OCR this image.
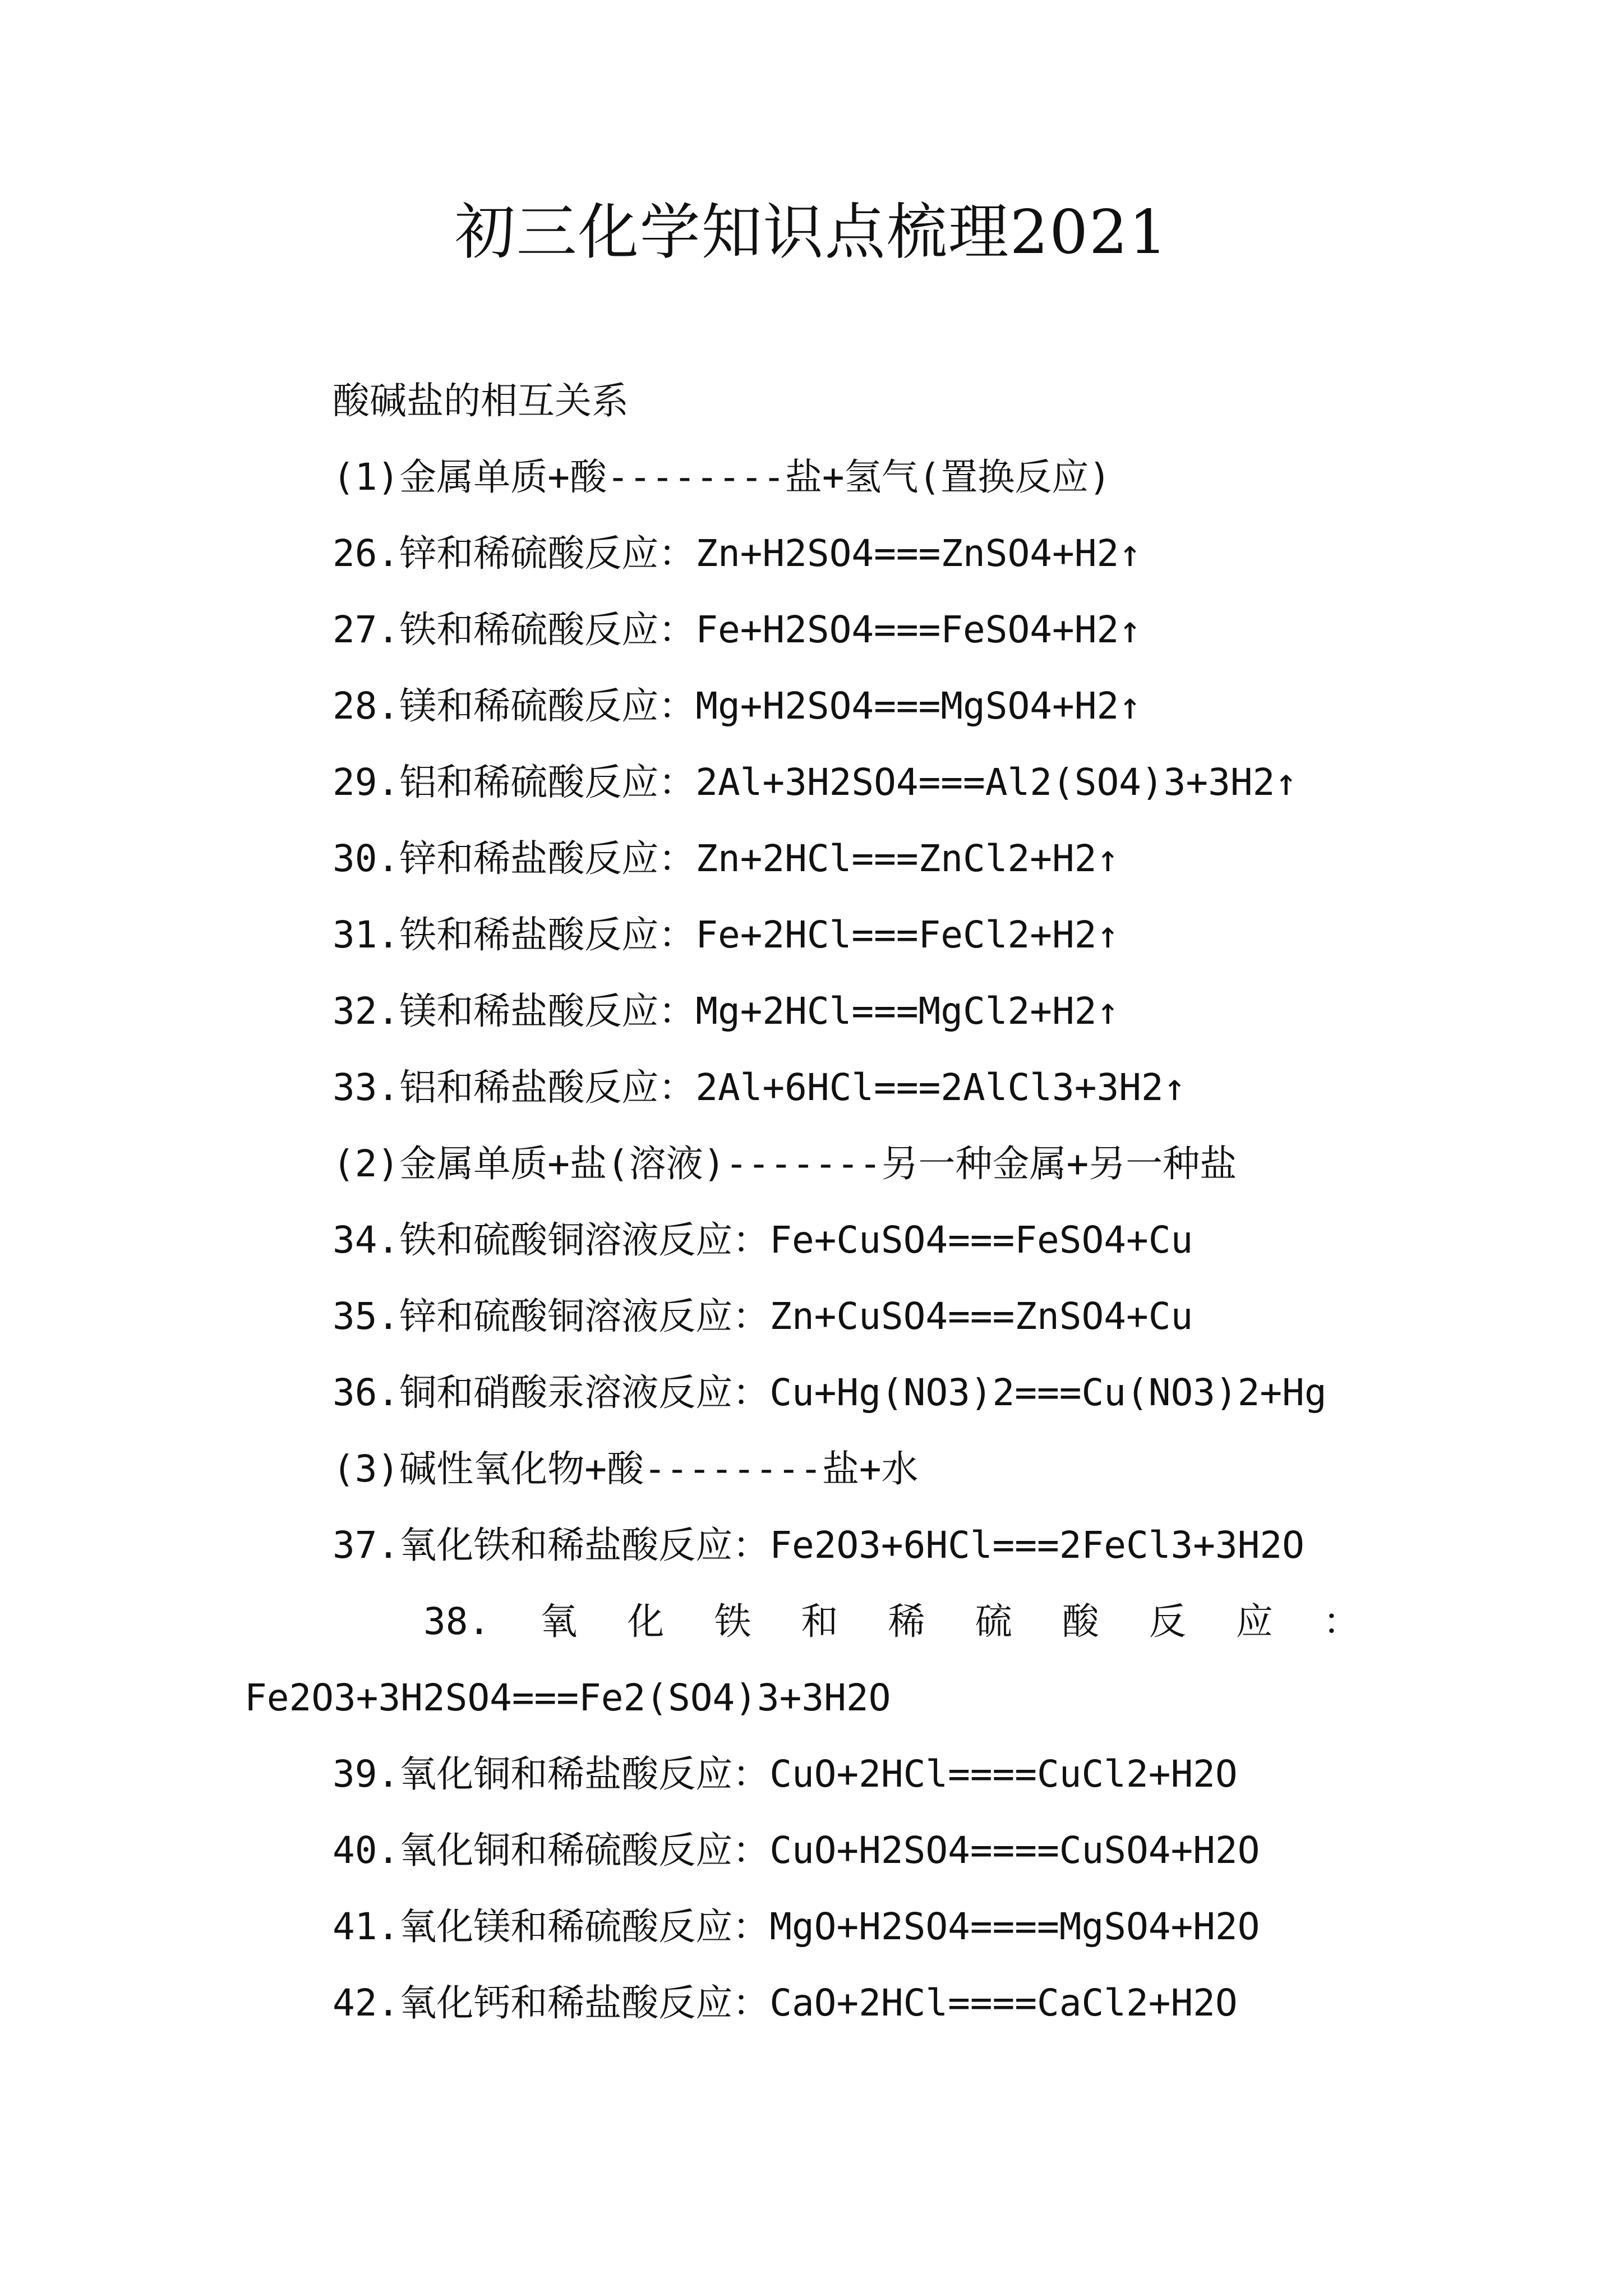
初三化学知识点梳理2021
酸碱盐的相互关系
(1)金属单质+酸--------盐+氢气(置换反应)
26.锌和稀硫酸反应：Zn+H2SO4===ZnSO4+H2↑
27.铁和稀硫酸反应：Fe+H2SO4===FeSO4+H2↑
28.镁和稀硫酸反应：Mg+H2SO4===MgSO4+H2↑
29.铝和稀硫酸反应：2Al+3H2SO4===Al2(SO4)3+3H2↑
30.锌和稀盐酸反应：Zn+2HCl===ZnCl2+H2↑
31.铁和稀盐酸反应：Fe+2HCl===FeCl2+H2↑
32.镁和稀盐酸反应：Mg+2HCl===MgCl2+H2↑
33.铝和稀盐酸反应：2Al+6HCl===2AlCl3+3H2↑
(2)金属单质+盐(溶液)-------另一种金属+另一种盐
34.铁和硫酸铜溶液反应：Fe+CuSO4===FeSO4+Cu
35.锌和硫酸铜溶液反应：Zn+CuSO4===ZnSO4+Cu
36.铜和硝酸汞溶液反应：Cu+Hg(NO3)2===Cu(NO3)2+Hg
(3)碱性氧化物+酸--------盐+水
37.氧化铁和稀盐酸反应：Fe2O3+6HCl===2FeCl3+3H2O
38. 氧 化 铁 和 稀 硫 酸 反 应 ：
Fe2O3+3H2SO4===Fe2(SO4)3+3H2O
39.氧化铜和稀盐酸反应：CuO+2HCl====CuCl2+H2O
40.氧化铜和稀硫酸反应：CuO+H2SO4====CuSO4+H2O
41.氧化镁和稀硫酸反应：MgO+H2SO4====MgSO4+H2O
42.氧化钙和稀盐酸反应：CaO+2HCl====CaCl2+H2O
